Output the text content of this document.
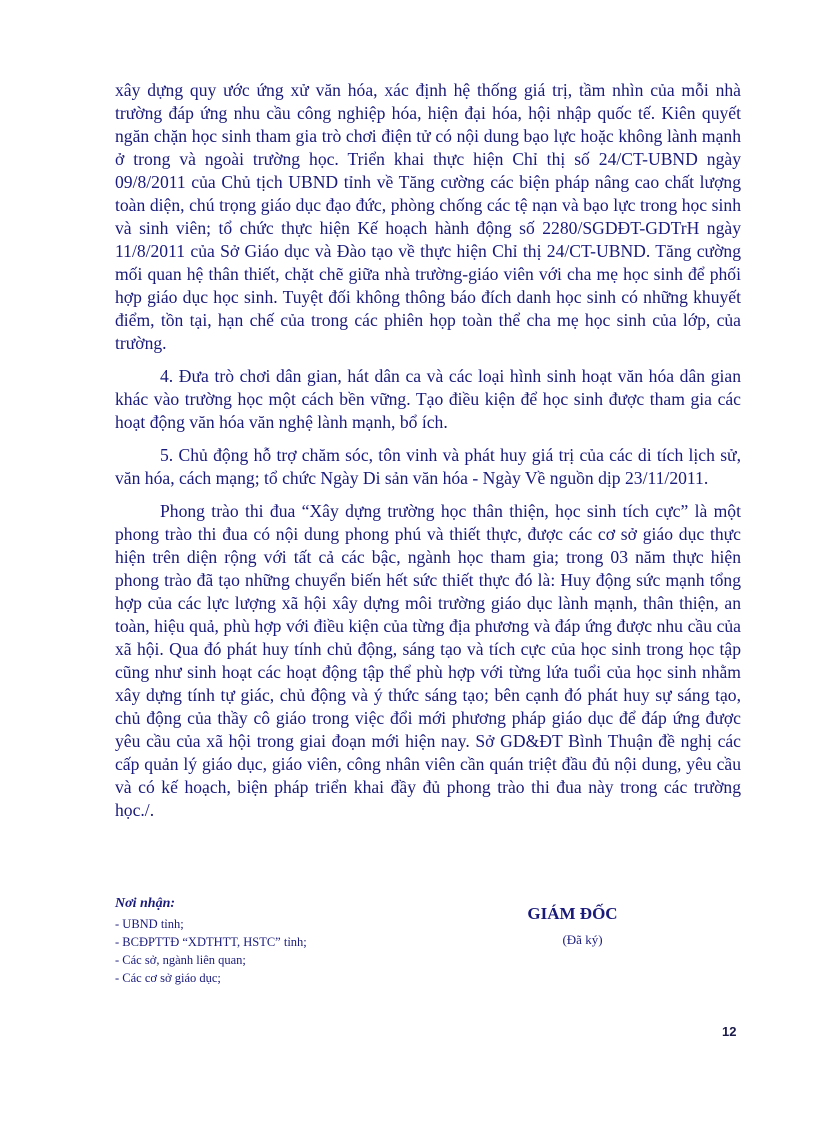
xây dựng quy ước ứng xử văn hóa, xác định hệ thống giá trị, tầm nhìn của mỗi nhà trường đáp ứng nhu cầu công nghiệp hóa, hiện đại hóa, hội nhập quốc tế. Kiên quyết ngăn chặn học sinh tham gia trò chơi điện tử có nội dung bạo lực hoặc không lành mạnh ở trong và ngoài trường học. Triển khai thực hiện Chỉ thị số 24/CT-UBND ngày 09/8/2011 của Chủ tịch UBND tỉnh về Tăng cường các biện pháp nâng cao chất lượng toàn diện, chú trọng giáo dục đạo đức, phòng chống các tệ nạn và bạo lực trong học sinh và sinh viên; tổ chức thực hiện Kế hoạch hành động số 2280/SGDĐT-GDTrH ngày 11/8/2011 của Sở Giáo dục và Đào tạo về thực hiện Chỉ thị 24/CT-UBND. Tăng cường mối quan hệ thân thiết, chặt chẽ giữa nhà trường-giáo viên với cha mẹ học sinh để phối hợp giáo dục học sinh. Tuyệt đối không thông báo đích danh học sinh có những khuyết điểm, tồn tại, hạn chế của trong các phiên họp toàn thể cha mẹ học sinh của lớp, của trường.

4. Đưa trò chơi dân gian, hát dân ca và các loại hình sinh hoạt văn hóa dân gian khác vào trường học một cách bền vững. Tạo điều kiện để học sinh được tham gia các hoạt động văn hóa văn nghệ lành mạnh, bổ ích.

5. Chủ động hỗ trợ chăm sóc, tôn vinh và phát huy giá trị của các di tích lịch sử, văn hóa, cách mạng; tổ chức Ngày Di sản văn hóa - Ngày Về nguồn dịp 23/11/2011.

Phong trào thi đua “Xây dựng trường học thân thiện, học sinh tích cực” là một phong trào thi đua có nội dung phong phú và thiết thực, được các cơ sở giáo dục thực hiện trên diện rộng với tất cả các bậc, ngành học tham gia; trong 03 năm thực hiện phong trào đã tạo những chuyển biến hết sức thiết thực đó là: Huy động sức mạnh tổng hợp của các lực lượng xã hội xây dựng môi trường giáo dục lành mạnh, thân thiện, an toàn, hiệu quả, phù hợp với điều kiện của từng địa phương và đáp ứng được nhu cầu của xã hội. Qua đó phát huy tính chủ động, sáng tạo và tích cực của học sinh trong học tập cũng như sinh hoạt các hoạt động tập thể phù hợp với từng lứa tuổi của học sinh nhằm xây dựng tính tự giác, chủ động và ý thức sáng tạo; bên cạnh đó phát huy sự sáng tạo, chủ động của thầy cô giáo trong việc đổi mới phương pháp giáo dục để đáp ứng được yêu cầu của xã hội trong giai đoạn mới hiện nay. Sở GD&ĐT Bình Thuận đề nghị các cấp quản lý giáo dục, giáo viên, công nhân viên cần quán triệt đầu đủ nội dung, yêu cầu và có kế hoạch, biện pháp triển khai đầy đủ phong trào thi đua này trong các trường học./.

Nơi nhận:
- UBND tỉnh;
- BCĐPTTĐ “XDTHTT, HSTC” tỉnh;
- Các sở, ngành liên quan;
- Các cơ sở giáo dục;
GIÁM ĐỐC
(Đã ký)
12
